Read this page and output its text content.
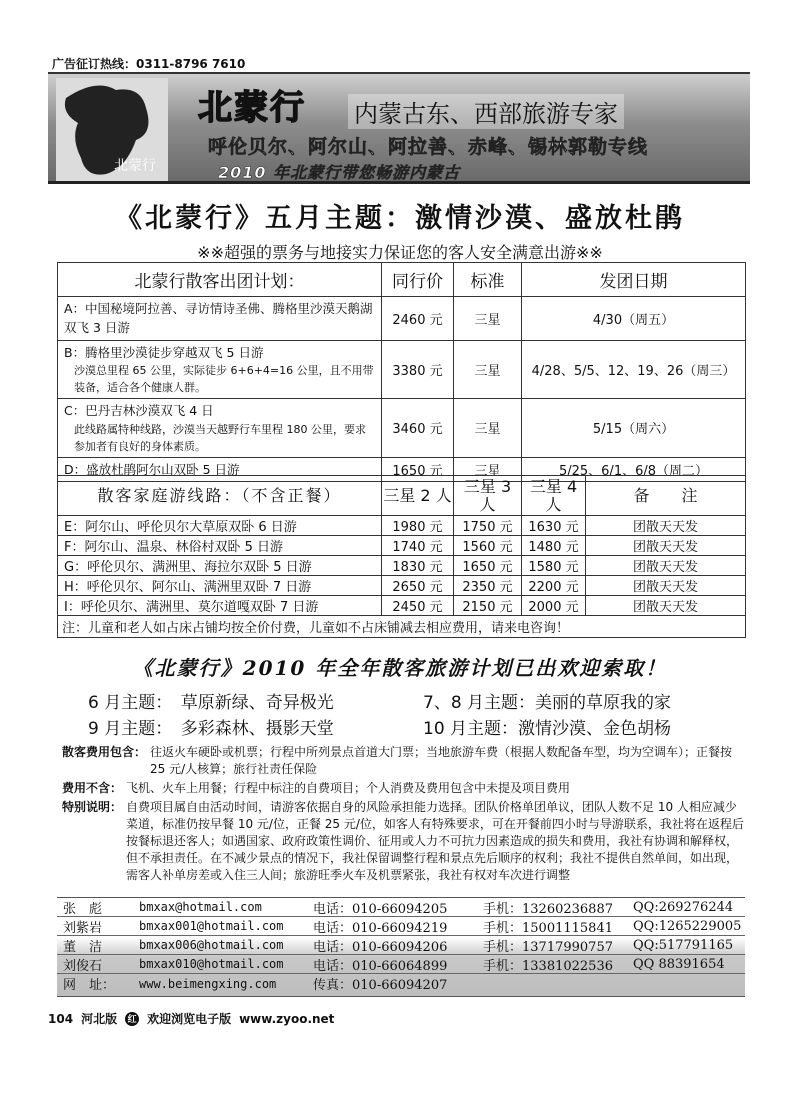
广告征订热线：0311-8796 7610
北蒙行
北蒙行 内蒙古东、西部旅游专家
呼伦贝尔、阿尔山、阿拉善、赤峰、锡林郭勒专线
2010 年北蒙行带您畅游内蒙古
《北蒙行》五月主题：激情沙漠、盛放杜鹃
※※超强的票务与地接实力保证您的客人安全满意出游※※
北蒙行散客出团计划：	同行价	标准	发团日期
A：中国秘境阿拉善、寻访情诗圣佛、腾格里沙漠天鹅湖双飞 3 日游	2460 元	三星	4/30（周五）
B：腾格里沙漠徒步穿越双飞 5 日游
沙漠总里程 65 公里，实际徒步 6+6+4=16 公里，且不用带装备，适合各个健康人群。	3380 元	三星	4/28、5/5、12、19、26（周三）
C：巴丹吉林沙漠双飞 4 日
此线路属特种线路，沙漠当天越野行车里程 180 公里，要求参加者有良好的身体素质。	3460 元	三星	5/15（周六）
D：盛放杜鹃阿尔山双卧 5 日游	1650 元	三星	5/25、6/1、6/8（周二）
散客家庭游线路：（不含正餐）	三星 2 人	三星 3 人	三星 4 人	备　　注
E：阿尔山、呼伦贝尔大草原双卧 6 日游	1980 元	1750 元	1630 元	团散天天发
F：阿尔山、温泉、林俗村双卧 5 日游	1740 元	1560 元	1480 元	团散天天发
G：呼伦贝尔、满洲里、海拉尔双卧 5 日游	1830 元	1650 元	1580 元	团散天天发
H：呼伦贝尔、阿尔山、满洲里双卧 7 日游	2650 元	2350 元	2200 元	团散天天发
I：呼伦贝尔、满洲里、莫尔道嘎双卧 7 日游	2450 元	2150 元	2000 元	团散天天发
注：儿童和老人如占床占铺均按全价付费，儿童如不占床铺减去相应费用，请来电咨询！				
《北蒙行》2010 年全年散客旅游计划已出欢迎索取！
6 月主题：　草原新绿、奇异极光	7、8 月主题：美丽的草原我的家
9 月主题：　多彩森林、摄影天堂	10 月主题：激情沙漠、金色胡杨
散客费用包含： 往返火车硬卧或机票；行程中所列景点首道大门票；当地旅游车费（根据人数配备车型，均为空调车）；正餐按 25 元/人核算；旅行社责任保险
费用不含： 飞机、火车上用餐；行程中标注的自费项目；个人消费及费用包含中未提及项目费用
特别说明： 自费项目属自由活动时间，请游客依据自身的风险承担能力选择。团队价格单团单议，团队人数不足 10 人相应减少菜道，标准仍按早餐 10 元/位，正餐 25 元/位，如客人有特殊要求，可在开餐前四小时与导游联系，我社将在返程后按餐标退还客人；如遇国家、政府政策性调价、征用或人力不可抗力因素造成的损失和费用，我社有协调和解释权，但不承担责任。在不减少景点的情况下，我社保留调整行程和景点先后顺序的权利；我社不提供自然单间，如出现，需客人补单房差或入住三人间；旅游旺季火车及机票紧张，我社有权对车次进行调整
张　彪	bmxax@hotmail.com	电话：010-66094205	手机：13260236887	QQ:269276244
刘紫岩	bmxax001@hotmail.com	电话：010-66094219	手机：15001115841	QQ:1265229005
董　洁	bmxax006@hotmail.com	电话：010-66094206	手机：13717990757	QQ:517791165
刘俊石	bmxax010@hotmail.com	电话：010-66064899	手机：13381022536	QQ 88391654
网　址：	www.beimengxing.com	传真：010-66094207
104 河北版 红 欢迎浏览电子版 www.zyoo.net
